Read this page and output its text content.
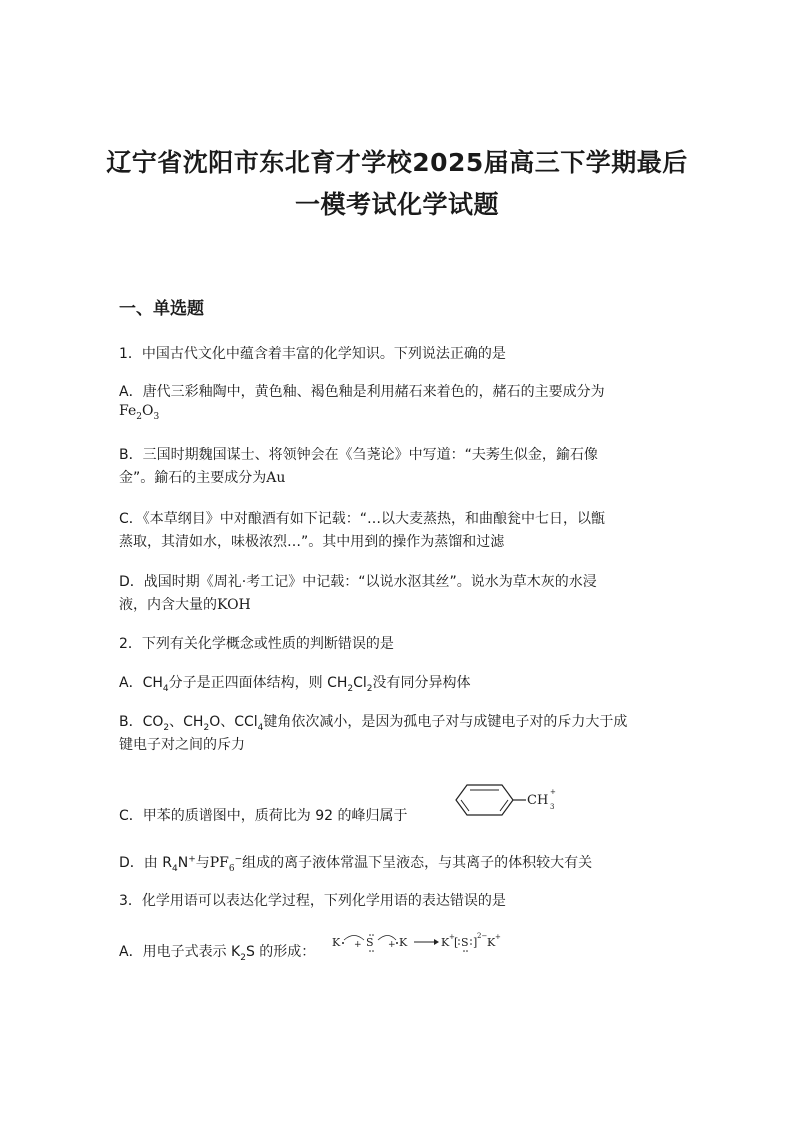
辽宁省沈阳市东北育才学校2025届高三下学期最后
一模考试化学试题
一、单选题
1．中国古代文化中蕴含着丰富的化学知识。下列说法正确的是
A．唐代三彩釉陶中，黄色釉、褐色釉是利用赭石来着色的，赭石的主要成分为
$Fe_2O_3$
B．三国时期魏国谋士、将领钟会在《刍荛论》中写道：“夫莠生似金，鍮石像
金”。鍮石的主要成分为Au
C．《本草纲目》中对酿酒有如下记载：“…以大麦蒸热，和曲酿瓮中七日，以甑
蒸取，其清如水，味极浓烈…”。其中用到的操作为蒸馏和过滤
D．战国时期《周礼·考工记》中记载：“以说水沤其丝”。说水为草木灰的水浸
液，内含大量的KOH
2．下列有关化学概念或性质的判断错误的是
A．$CH_4$分子是正四面体结构，则 $CH_2Cl_2$没有同分异构体
B．$CO_2$、$CH_2O$、CCl$_4$键角依次减小，是因为孤电子对与成键电子对的斥力大于成
键电子对之间的斥力
C．甲苯的质谱图中，质荷比为 92 的峰归属于
CH 3
+
D．由 $R_4N^+$与$PF_6^-$组成的离子液体常温下呈液态，与其离子的体积较大有关
3．化学用语可以表达化学过程，下列化学用语的表达错误的是
A．用电子式表示 $K_2S$ 的形成：
K + S + K	K + [ S ] 2− K +
